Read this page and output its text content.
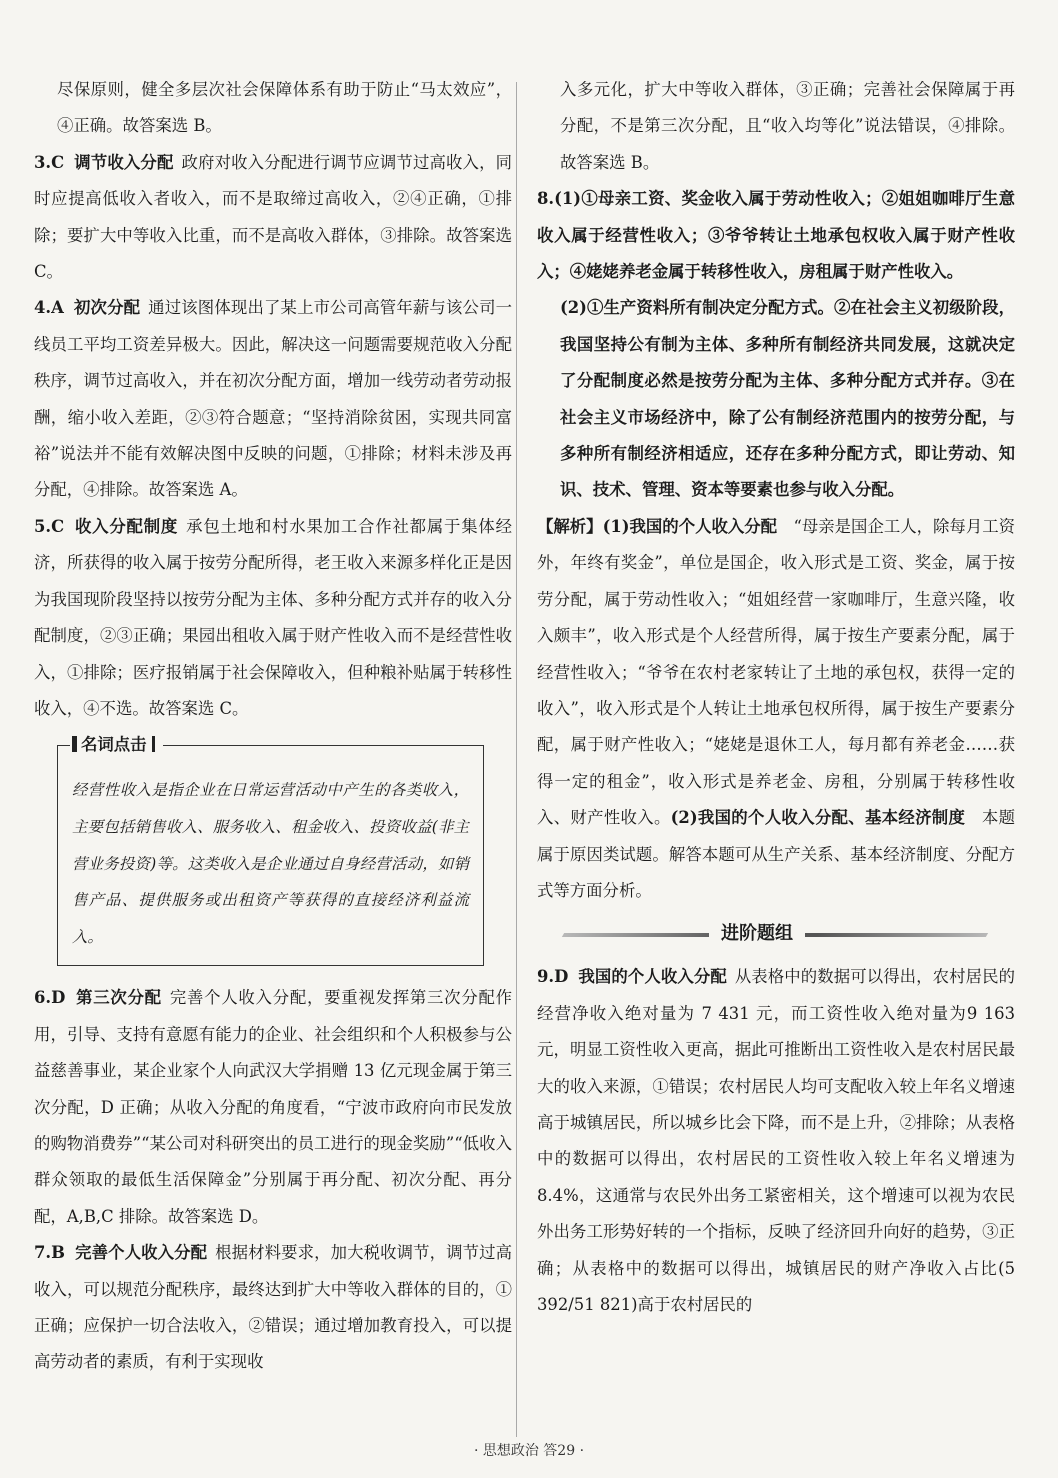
尽保原则，健全多层次社会保障体系有助于防止“马太效应”，④正确。故答案选 B。

3.C 调节收入分配 政府对收入分配进行调节应调节过高收入，同时应提高低收入者收入，而不是取缔过高收入，②④正确，①排除；要扩大中等收入比重，而不是高收入群体，③排除。故答案选 C。

4.A 初次分配 通过该图体现出了某上市公司高管年薪与该公司一线员工平均工资差异极大。因此，解决这一问题需要规范收入分配秩序，调节过高收入，并在初次分配方面，增加一线劳动者劳动报酬，缩小收入差距，②③符合题意；“坚持消除贫困，实现共同富裕”说法并不能有效解决图中反映的问题，①排除；材料未涉及再分配，④排除。故答案选 A。

5.C 收入分配制度 承包土地和村水果加工合作社都属于集体经济，所获得的收入属于按劳分配所得，老王收入来源多样化正是因为我国现阶段坚持以按劳分配为主体、多种分配方式并存的收入分配制度，②③正确；果园出租收入属于财产性收入而不是经营性收入，①排除；医疗报销属于社会保障收入，但种粮补贴属于转移性收入，④不选。故答案选 C。

名词点击

经营性收入是指企业在日常运营活动中产生的各类收入，主要包括销售收入、服务收入、租金收入、投资收益(非主营业务投资)等。这类收入是企业通过自身经营活动，如销售产品、提供服务或出租资产等获得的直接经济利益流入。

6.D 第三次分配 完善个人收入分配，要重视发挥第三次分配作用，引导、支持有意愿有能力的企业、社会组织和个人积极参与公益慈善事业，某企业家个人向武汉大学捐赠 13 亿元现金属于第三次分配，D 正确；从收入分配的角度看，“宁波市政府向市民发放的购物消费券”“某公司对科研突出的员工进行的现金奖励”“低收入群众领取的最低生活保障金”分别属于再分配、初次分配、再分配，A,B,C 排除。故答案选 D。

7.B 完善个人收入分配 根据材料要求，加大税收调节，调节过高收入，可以规范分配秩序，最终达到扩大中等收入群体的目的，①正确；应保护一切合法收入，②错误；通过增加教育投入，可以提高劳动者的素质，有利于实现收

入多元化，扩大中等收入群体，③正确；完善社会保障属于再分配，不是第三次分配，且“收入均等化”说法错误，④排除。故答案选 B。

8.(1)①母亲工资、奖金收入属于劳动性收入；②姐姐咖啡厅生意收入属于经营性收入；③爷爷转让土地承包权收入属于财产性收入；④姥姥养老金属于转移性收入，房租属于财产性收入。

(2)①生产资料所有制决定分配方式。②在社会主义初级阶段，我国坚持公有制为主体、多种所有制经济共同发展，这就决定了分配制度必然是按劳分配为主体、多种分配方式并存。③在社会主义市场经济中，除了公有制经济范围内的按劳分配，与多种所有制经济相适应，还存在多种分配方式，即让劳动、知识、技术、管理、资本等要素也参与收入分配。

【解析】(1)我国的个人收入分配　 “母亲是国企工人，除每月工资外，年终有奖金”，单位是国企，收入形式是工资、奖金，属于按劳分配，属于劳动性收入；“姐姐经营一家咖啡厅，生意兴隆，收入颇丰”，收入形式是个人经营所得，属于按生产要素分配，属于经营性收入；“爷爷在农村老家转让了土地的承包权，获得一定的收入”，收入形式是个人转让土地承包权所得，属于按生产要素分配，属于财产性收入；“姥姥是退休工人，每月都有养老金……获得一定的租金”，收入形式是养老金、房租，分别属于转移性收入、财产性收入。(2)我国的个人收入分配、基本经济制度　 本题属于原因类试题。解答本题可从生产关系、基本经济制度、分配方式等方面分析。

进阶题组

9.D 我国的个人收入分配 从表格中的数据可以得出，农村居民的经营净收入绝对量为 7 431 元，而工资性收入绝对量为9 163 元，明显工资性收入更高，据此可推断出工资性收入是农村居民最大的收入来源，①错误；农村居民人均可支配收入较上年名义增速高于城镇居民，所以城乡比会下降，而不是上升，②排除；从表格中的数据可以得出，农村居民的工资性收入较上年名义增速为 8.4%，这通常与农民外出务工紧密相关，这个增速可以视为农民外出务工形势好转的一个指标，反映了经济回升向好的趋势，③正确；从表格中的数据可以得出，城镇居民的财产净收入占比(5 392/51 821)高于农村居民的

· 思想政治 答29 ·
